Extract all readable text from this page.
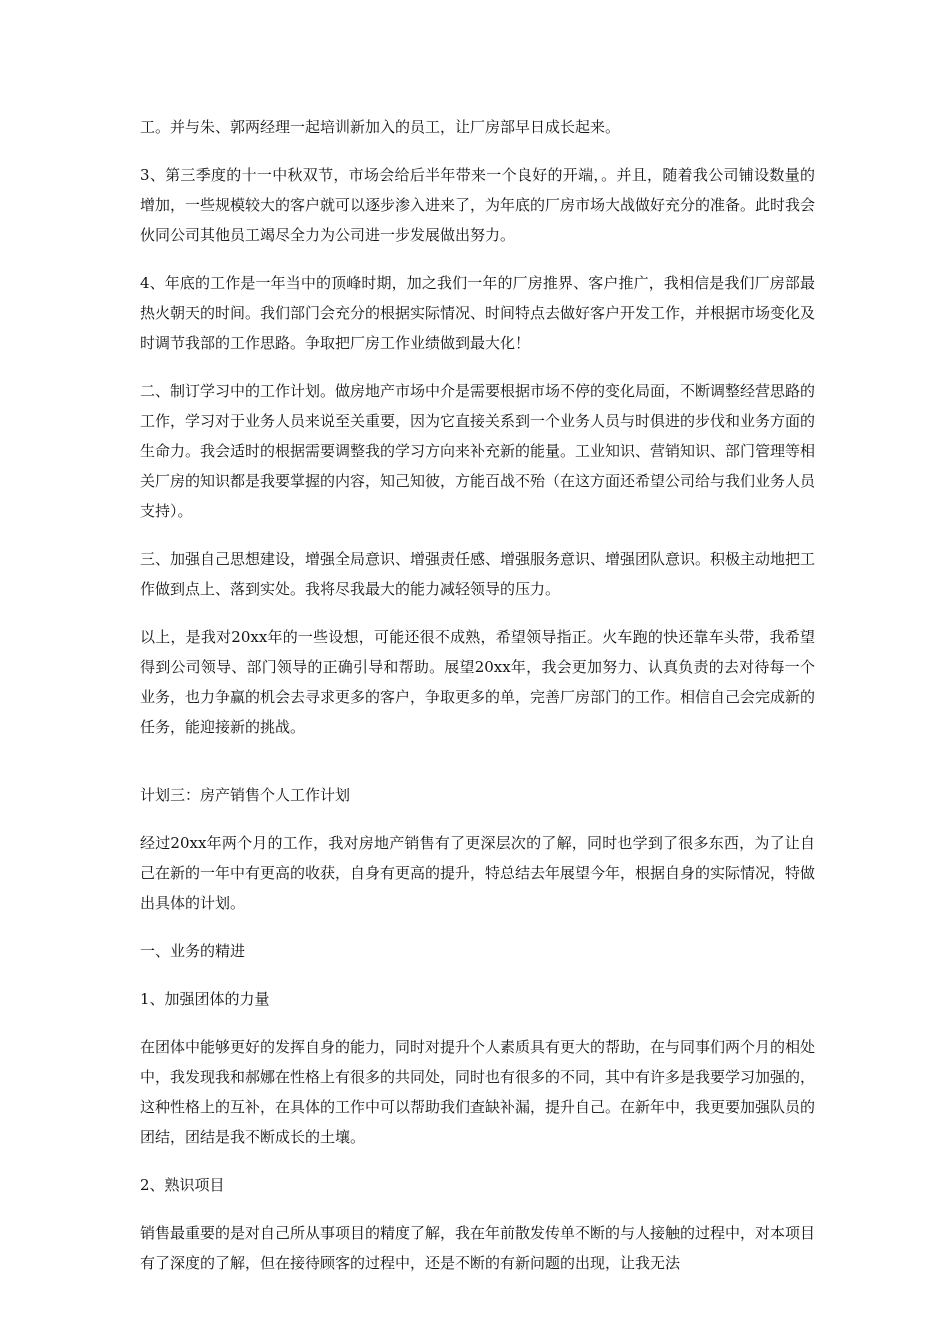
工。并与朱、郭两经理一起培训新加入的员工，让厂房部早日成长起来。

3、第三季度的十一中秋双节，市场会给后半年带来一个良好的开端，。并且，随着我公司铺设数量的增加，一些规模较大的客户就可以逐步渗入进来了，为年底的厂房市场大战做好充分的准备。此时我会伙同公司其他员工竭尽全力为公司进一步发展做出努力。

4、年底的工作是一年当中的顶峰时期，加之我们一年的厂房推界、客户推广，我相信是我们厂房部最热火朝天的时间。我们部门会充分的根据实际情况、时间特点去做好客户开发工作，并根据市场变化及时调节我部的工作思路。争取把厂房工作业绩做到最大化！

二、制订学习中的工作计划。做房地产市场中介是需要根据市场不停的变化局面，不断调整经营思路的工作，学习对于业务人员来说至关重要，因为它直接关系到一个业务人员与时俱进的步伐和业务方面的生命力。我会适时的根据需要调整我的学习方向来补充新的能量。工业知识、营销知识、部门管理等相关厂房的知识都是我要掌握的内容，知己知彼，方能百战不殆（在这方面还希望公司给与我们业务人员支持）。

三、加强自己思想建设，增强全局意识、增强责任感、增强服务意识、增强团队意识。积极主动地把工作做到点上、落到实处。我将尽我最大的能力减轻领导的压力。

以上，是我对20xx年的一些设想，可能还很不成熟，希望领导指正。火车跑的快还靠车头带，我希望得到公司领导、部门领导的正确引导和帮助。展望20xx年，我会更加努力、认真负责的去对待每一个业务，也力争赢的机会去寻求更多的客户，争取更多的单，完善厂房部门的工作。相信自己会完成新的任务，能迎接新的挑战。

计划三：房产销售个人工作计划

经过20xx年两个月的工作，我对房地产销售有了更深层次的了解，同时也学到了很多东西，为了让自己在新的一年中有更高的收获，自身有更高的提升，特总结去年展望今年，根据自身的实际情况，特做出具体的计划。

一、业务的精进

1、加强团体的力量

在团体中能够更好的发挥自身的能力，同时对提升个人素质具有更大的帮助，在与同事们两个月的相处中，我发现我和郝娜在性格上有很多的共同处，同时也有很多的不同，其中有许多是我要学习加强的，这种性格上的互补，在具体的工作中可以帮助我们查缺补漏，提升自己。在新年中，我更要加强队员的团结，团结是我不断成长的土壤。

2、熟识项目

销售最重要的是对自己所从事项目的精度了解，我在年前散发传单不断的与人接触的过程中，对本项目有了深度的了解，但在接待顾客的过程中，还是不断的有新问题的出现，让我无法
